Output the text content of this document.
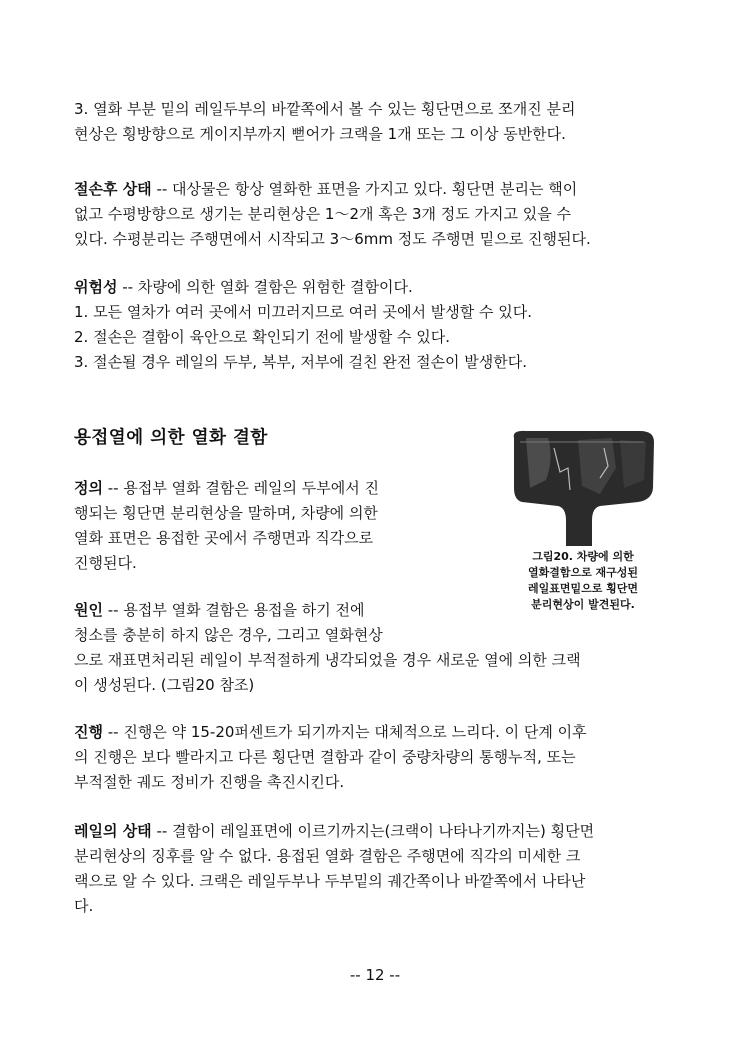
3. 열화 부분 밑의 레일두부의 바깥쪽에서 볼 수 있는 횡단면으로 쪼개진 분리
현상은 횡방향으로 게이지부까지 뻗어가 크랙을 1개 또는 그 이상 동반한다.

절손후 상태 -- 대상물은 항상 열화한 표면을 가지고 있다. 횡단면 분리는 핵이
없고 수평방향으로 생기는 분리현상은 1～2개 혹은 3개 정도 가지고 있을 수
있다. 수평분리는 주행면에서 시작되고 3～6mm 정도 주행면 밑으로 진행된다.

위험성 -- 차량에 의한 열화 결함은 위험한 결함이다.
1. 모든 열차가 여러 곳에서 미끄러지므로 여러 곳에서 발생할 수 있다.
2. 절손은 결함이 육안으로 확인되기 전에 발생할 수 있다.
3. 절손될 경우 레일의 두부, 복부, 저부에 걸친 완전 절손이 발생한다.

용접열에 의한 열화 결함

정의 -- 용접부 열화 결함은 레일의 두부에서 진
행되는 횡단면 분리현상을 말하며, 차량에 의한
열화 표면은 용접한 곳에서 주행면과 직각으로
진행된다.

원인 -- 용접부 열화 결함은 용접을 하기 전에
청소를 충분히 하지 않은 경우, 그리고 열화현상

으로 재표면처리된 레일이 부적절하게 냉각되었을 경우 새로운 열에 의한 크랙
이 생성된다. (그림20 참조)

그림20. 차량에 의한
열화결함으로 재구성된
레일표면밑으로 횡단면
분리현상이 발견된다.

진행 -- 진행은 약 15-20퍼센트가 되기까지는 대체적으로 느리다. 이 단계 이후
의 진행은 보다 빨라지고 다른 횡단면 결함과 같이 중량차량의 통행누적, 또는
부적절한 궤도 정비가 진행을 촉진시킨다.

레일의 상태 -- 결함이 레일표면에 이르기까지는(크랙이 나타나기까지는) 횡단면
분리현상의 징후를 알 수 없다. 용접된 열화 결함은 주행면에 직각의 미세한 크
랙으로 알 수 있다. 크랙은 레일두부나 두부밑의 궤간쪽이나 바깥쪽에서 나타난
다.

-- 12 --
